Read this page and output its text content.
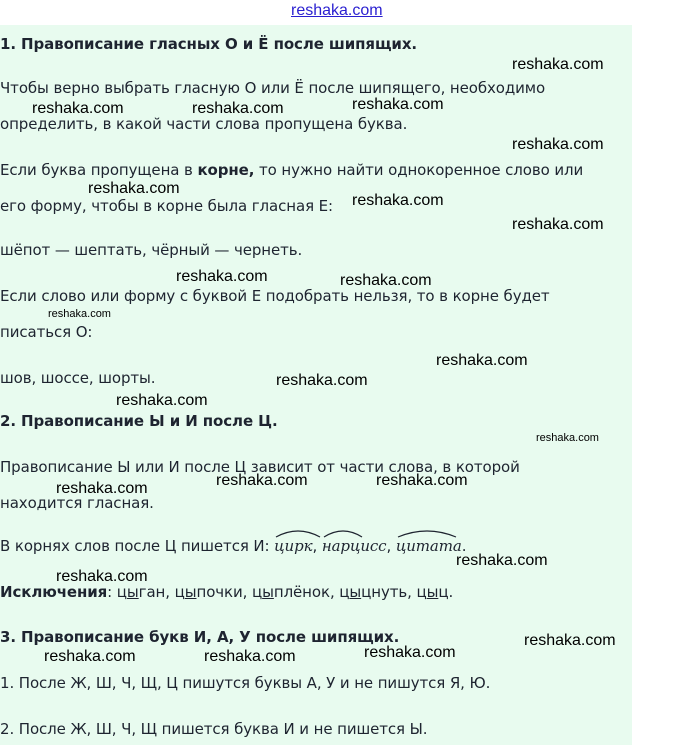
reshaka.com
1. Правописание гласных О и Ё после шипящих.
Чтобы верно выбрать гласную О или Ё после шипящего, необходимо
определить, в какой части слова пропущена буква.
Если буква пропущена в корне, то нужно найти однокоренное слово или
его форму, чтобы в корне была гласная Е:
шёпот — шептать, чёрный — чернеть.
Если слово или форму с буквой Е подобрать нельзя, то в корне будет
писаться О:
шов, шоссе, шорты.
2. Правописание Ы и И после Ц.
Правописание Ы или И после Ц зависит от части слова, в которой
находится гласная.
В корнях слов после Ц пишется И:
цирк,
нарцисс,
цитата.
Исключения: цыган, цыпочки, цыплёнок, цыцнуть, цыц.
3. Правописание букв И, А, У после шипящих.
1. После Ж, Ш, Ч, Щ, Ц пишутся буквы А, У и не пишутся Я, Ю.
2. После Ж, Ш, Ч, Щ пишется буква И и не пишется Ы.
reshaka.com
reshaka.com	reshaka.com	reshaka.com
reshaka.com
reshaka.com
reshaka.com
reshaka.com
reshaka.com	reshaka.com
reshaka.com
reshaka.com
reshaka.com
reshaka.com
reshaka.com
reshaka.com	reshaka.com
reshaka.com
reshaka.com
reshaka.com
reshaka.com
reshaka.com
reshaka.com	reshaka.com
